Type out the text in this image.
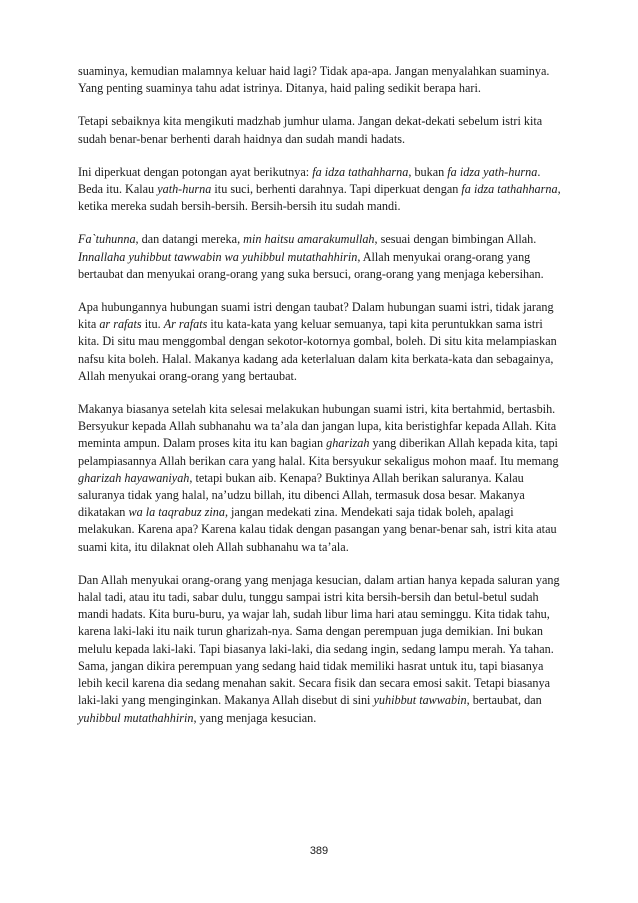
suaminya, kemudian malamnya keluar haid lagi? Tidak apa-apa. Jangan menyalahkan suaminya. Yang penting suaminya tahu adat istrinya. Ditanya, haid paling sedikit berapa hari.

Tetapi sebaiknya kita mengikuti madzhab jumhur ulama. Jangan dekat-dekati sebelum istri kita sudah benar-benar berhenti darah haidnya dan sudah mandi hadats.

Ini diperkuat dengan potongan ayat berikutnya: fa idza tathahharna, bukan fa idza yath-hurna. Beda itu. Kalau yath-hurna itu suci, berhenti darahnya. Tapi diperkuat dengan fa idza tathahharna, ketika mereka sudah bersih-bersih. Bersih-bersih itu sudah mandi.

Fa`tuhunna, dan datangi mereka, min haitsu amarakumullah, sesuai dengan bimbingan Allah. Innallaha yuhibbut tawwabin wa yuhibbul mutathahhirin, Allah menyukai orang-orang yang bertaubat dan menyukai orang-orang yang suka bersuci, orang-orang yang menjaga kebersihan.

Apa hubungannya hubungan suami istri dengan taubat? Dalam hubungan suami istri, tidak jarang kita ar rafats itu. Ar rafats itu kata-kata yang keluar semuanya, tapi kita peruntukkan sama istri kita. Di situ mau menggombal dengan sekotor-kotornya gombal, boleh. Di situ kita melampiaskan nafsu kita boleh. Halal. Makanya kadang ada keterlaluan dalam kita berkata-kata dan sebagainya, Allah menyukai orang-orang yang bertaubat.

Makanya biasanya setelah kita selesai melakukan hubungan suami istri, kita bertahmid, bertasbih. Bersyukur kepada Allah subhanahu wa ta’ala dan jangan lupa, kita beristighfar kepada Allah. Kita meminta ampun. Dalam proses kita itu kan bagian gharizah yang diberikan Allah kepada kita, tapi pelampiasannya Allah berikan cara yang halal. Kita bersyukur sekaligus mohon maaf. Itu memang gharizah hayawaniyah, tetapi bukan aib. Kenapa? Buktinya Allah berikan saluranya. Kalau saluranya tidak yang halal, na’udzu billah, itu dibenci Allah, termasuk dosa besar. Makanya dikatakan wa la taqrabuz zina, jangan medekati zina. Mendekati saja tidak boleh, apalagi melakukan. Karena apa? Karena kalau tidak dengan pasangan yang benar-benar sah, istri kita atau suami kita, itu dilaknat oleh Allah subhanahu wa ta’ala.

Dan Allah menyukai orang-orang yang menjaga kesucian, dalam artian hanya kepada saluran yang halal tadi, atau itu tadi, sabar dulu, tunggu sampai istri kita bersih-bersih dan betul-betul sudah mandi hadats. Kita buru-buru, ya wajar lah, sudah libur lima hari atau seminggu. Kita tidak tahu, karena laki-laki itu naik turun gharizah-nya. Sama dengan perempuan juga demikian. Ini bukan melulu kepada laki-laki. Tapi biasanya laki-laki, dia sedang ingin, sedang lampu merah. Ya tahan. Sama, jangan dikira perempuan yang sedang haid tidak memiliki hasrat untuk itu, tapi biasanya lebih kecil karena dia sedang menahan sakit. Secara fisik dan secara emosi sakit. Tetapi biasanya laki-laki yang menginginkan. Makanya Allah disebut di sini yuhibbut tawwabin, bertaubat, dan yuhibbul mutathahhirin, yang menjaga kesucian.

389
